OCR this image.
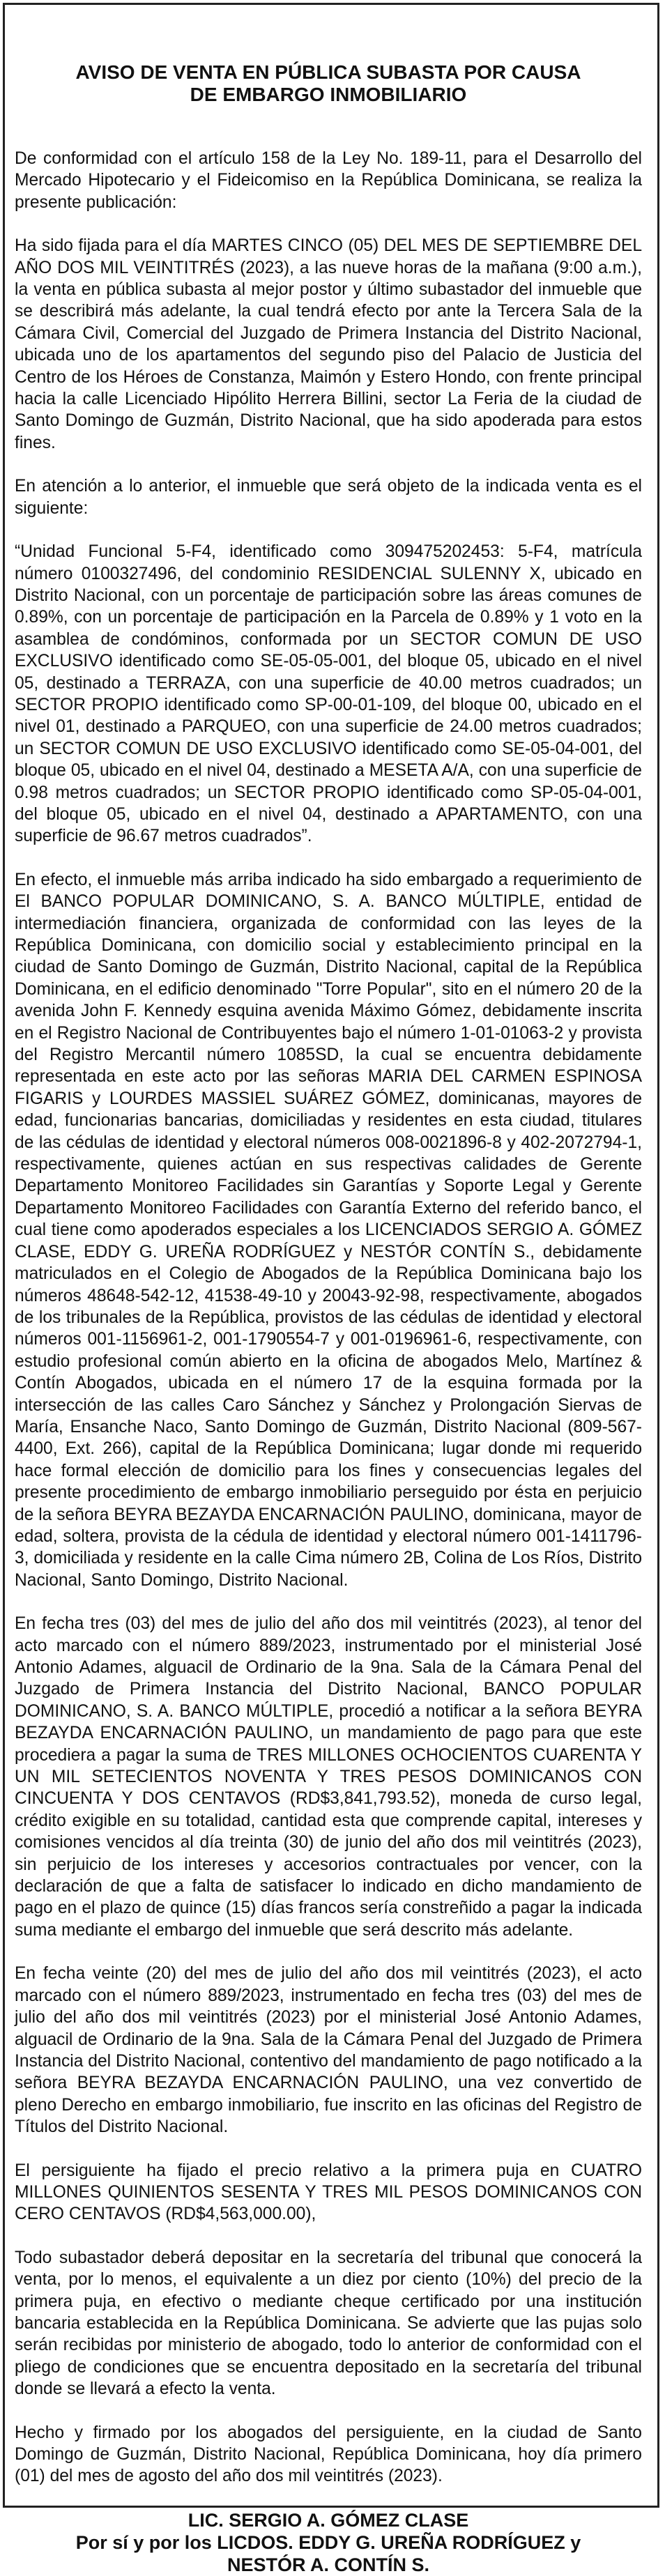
AVISO DE VENTA EN PÚBLICA SUBASTA POR CAUSA
DE EMBARGO INMOBILIARIO

De conformidad con el artículo 158 de la Ley No. 189-11, para el Desarrollo del Mercado Hipotecario y el Fideicomiso en la República Dominicana, se realiza la presente publicación:

Ha sido fijada para el día MARTES CINCO (05) DEL MES DE SEPTIEMBRE DEL AÑO DOS MIL VEINTITRÉS (2023), a las nueve horas de la mañana (9:00 a.m.), la venta en pública subasta al mejor postor y último subastador del inmueble que se describirá más adelante, la cual tendrá efecto por ante la Tercera Sala de la Cámara Civil, Comercial del Juzgado de Primera Instancia del Distrito Nacional, ubicada uno de los apartamentos del segundo piso del Palacio de Justicia del Centro de los Héroes de Constanza, Maimón y Estero Hondo, con frente principal hacia la calle Licenciado Hipólito Herrera Billini, sector La Feria de la ciudad de Santo Domingo de Guzmán, Distrito Nacional, que ha sido apoderada para estos fines.

En atención a lo anterior, el inmueble que será objeto de la indicada venta es el siguiente:

“Unidad Funcional 5-F4, identificado como 309475202453: 5-F4, matrícula número 0100327496, del condominio RESIDENCIAL SULENNY X, ubicado en Distrito Nacional, con un porcentaje de participación sobre las áreas comunes de 0.89%, con un porcentaje de participación en la Parcela de 0.89% y 1 voto en la asamblea de condóminos, conformada por un SECTOR COMUN DE USO EXCLUSIVO identificado como SE-05-05-001, del bloque 05, ubicado en el nivel 05, destinado a TERRAZA, con una superficie de 40.00 metros cuadrados; un SECTOR PROPIO identificado como SP-00-01-109, del bloque 00, ubicado en el nivel 01, destinado a PARQUEO, con una superficie de 24.00 metros cuadrados; un SECTOR COMUN DE USO EXCLUSIVO identificado como SE-05-04-001, del bloque 05, ubicado en el nivel 04, destinado a MESETA A/A, con una superficie de 0.98 metros cuadrados; un SECTOR PROPIO identificado como SP-05-04-001, del bloque 05, ubicado en el nivel 04, destinado a APARTAMENTO, con una superficie de 96.67 metros cuadrados”.

En efecto, el inmueble más arriba indicado ha sido embargado a requerimiento de El BANCO POPULAR DOMINICANO, S. A. BANCO MÚLTIPLE, entidad de intermediación financiera, organizada de conformidad con las leyes de la República Dominicana, con domicilio social y establecimiento principal en la ciudad de Santo Domingo de Guzmán, Distrito Nacional, capital de la República Dominicana, en el edificio denominado "Torre Popular", sito en el número 20 de la avenida John F. Kennedy esquina avenida Máximo Gómez, debidamente inscrita en el Registro Nacional de Contribuyentes bajo el número 1-01-01063-2 y provista del Registro Mercantil número 1085SD, la cual se encuentra debidamente representada en este acto por las señoras MARIA DEL CARMEN ESPINOSA FIGARIS y LOURDES MASSIEL SUÁREZ GÓMEZ, dominicanas, mayores de edad, funcionarias bancarias, domiciliadas y residentes en esta ciudad, titulares de las cédulas de identidad y electoral números 008-0021896-8 y 402-2072794-1, respectivamente, quienes actúan en sus respectivas calidades de Gerente Departamento Monitoreo Facilidades sin Garantías y Soporte Legal y Gerente Departamento Monitoreo Facilidades con Garantía Externo del referido banco, el cual tiene como apoderados especiales a los LICENCIADOS SERGIO A. GÓMEZ CLASE, EDDY G. UREÑA RODRÍGUEZ y NESTÓR CONTÍN S., debidamente matriculados en el Colegio de Abogados de la República Dominicana bajo los números 48648-542-12, 41538-49-10 y 20043-92-98, respectivamente, abogados de los tribunales de la República, provistos de las cédulas de identidad y electoral números 001-1156961-2, 001-1790554-7 y 001-0196961-6, respectivamente, con estudio profesional común abierto en la oficina de abogados Melo, Martínez & Contín Abogados, ubicada en el número 17 de la esquina formada por la intersección de las calles Caro Sánchez y Sánchez y Prolongación Siervas de María, Ensanche Naco, Santo Domingo de Guzmán, Distrito Nacional (809-567-4400, Ext. 266), capital de la República Dominicana; lugar donde mi requerido hace formal elección de domicilio para los fines y consecuencias legales del presente procedimiento de embargo inmobiliario perseguido por ésta en perjuicio de la señora BEYRA BEZAYDA ENCARNACIÓN PAULINO, dominicana, mayor de edad, soltera, provista de la cédula de identidad y electoral número 001-1411796-3, domiciliada y residente en la calle Cima número 2B, Colina de Los Ríos, Distrito Nacional, Santo Domingo, Distrito Nacional.

En fecha tres (03) del mes de julio del año dos mil veintitrés (2023), al tenor del acto marcado con el número 889/2023, instrumentado por el ministerial José Antonio Adames, alguacil de Ordinario de la 9na. Sala de la Cámara Penal del Juzgado de Primera Instancia del Distrito Nacional, BANCO POPULAR DOMINICANO, S. A. BANCO MÚLTIPLE, procedió a notificar a la señora BEYRA BEZAYDA ENCARNACIÓN PAULINO, un mandamiento de pago para que este procediera a pagar la suma de TRES MILLONES OCHOCIENTOS CUARENTA Y UN MIL SETECIENTOS NOVENTA Y TRES PESOS DOMINICANOS CON CINCUENTA Y DOS CENTAVOS (RD$3,841,793.52), moneda de curso legal, crédito exigible en su totalidad, cantidad esta que comprende capital, intereses y comisiones vencidos al día treinta (30) de junio del año dos mil veintitrés (2023), sin perjuicio de los intereses y accesorios contractuales por vencer, con la declaración de que a falta de satisfacer lo indicado en dicho mandamiento de pago en el plazo de quince (15) días francos sería constreñido a pagar la indicada suma mediante el embargo del inmueble que será descrito más adelante.

En fecha veinte (20) del mes de julio del año dos mil veintitrés (2023), el acto marcado con el número 889/2023, instrumentado en fecha tres (03) del mes de julio del año dos mil veintitrés (2023) por el ministerial José Antonio Adames, alguacil de Ordinario de la 9na. Sala de la Cámara Penal del Juzgado de Primera Instancia del Distrito Nacional, contentivo del mandamiento de pago notificado a la señora BEYRA BEZAYDA ENCARNACIÓN PAULINO, una vez convertido de pleno Derecho en embargo inmobiliario, fue inscrito en las oficinas del Registro de Títulos del Distrito Nacional.

El persiguiente ha fijado el precio relativo a la primera puja en CUATRO MILLONES QUINIENTOS SESENTA Y TRES MIL PESOS DOMINICANOS CON CERO CENTAVOS (RD$4,563,000.00),

Todo subastador deberá depositar en la secretaría del tribunal que conocerá la venta, por lo menos, el equivalente a un diez por ciento (10%) del precio de la primera puja, en efectivo o mediante cheque certificado por una institución bancaria establecida en la República Dominicana. Se advierte que las pujas solo serán recibidas por ministerio de abogado, todo lo anterior de conformidad con el pliego de condiciones que se encuentra depositado en la secretaría del tribunal donde se llevará a efecto la venta.

Hecho y firmado por los abogados del persiguiente, en la ciudad de Santo Domingo de Guzmán, Distrito Nacional, República Dominicana, hoy día primero (01) del mes de agosto del año dos mil veintitrés (2023).

LIC. SERGIO A. GÓMEZ CLASE
Por sí y por los LICDOS. EDDY G. UREÑA RODRÍGUEZ y
NESTÓR A. CONTÍN S.
